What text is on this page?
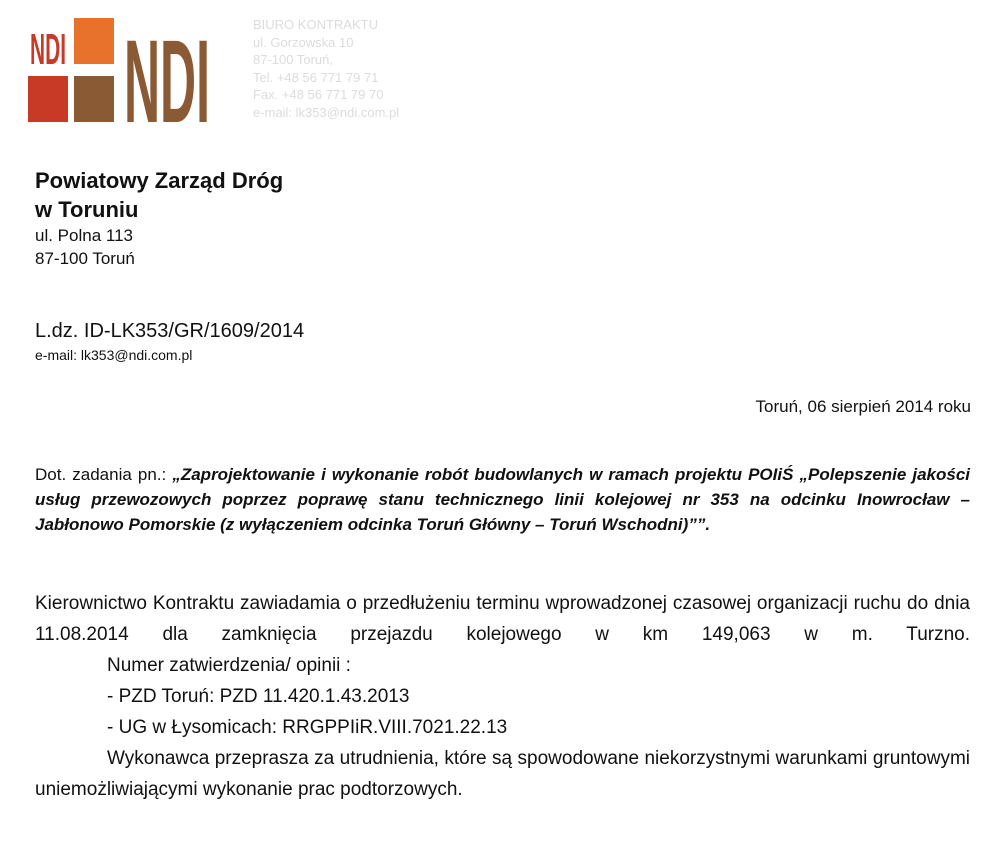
NDI NDI	BIURO KONTRAKTU
ul. Gorzowska 10
87-100 Toruń,
Tel. +48 56 771 79 71
Fax. +48 56 771 79 70
e-mail: lk353@ndi.com.pl
Powiatowy Zarząd Dróg
w Toruniu
ul. Polna 113
87-100 Toruń
L.dz. ID-LK353/GR/1609/2014
e-mail: lk353@ndi.com.pl
Toruń, 06 sierpień 2014 roku
Dot. zadania pn.: „Zaprojektowanie i wykonanie robót budowlanych w ramach projektu POIiŚ „Polepszenie jakości usług przewozowych poprzez poprawę stanu technicznego linii kolejowej nr 353 na odcinku Inowrocław – Jabłonowo Pomorskie (z wyłączeniem odcinka Toruń Główny – Toruń Wschodni)””.
Kierownictwo Kontraktu zawiadamia o przedłużeniu terminu wprowadzonej czasowej organizacji ruchu do dnia 11.08.2014 dla zamknięcia przejazdu kolejowego w km 149,063 w m. Turzno.
Numer zatwierdzenia/ opinii :
- PZD Toruń: PZD 11.420.1.43.2013
- UG w Łysomicach: RRGPPIiR.VIII.7021.22.13
Wykonawca przeprasza za utrudnienia, które są spowodowane niekorzystnymi warunkami gruntowymi uniemożliwiającymi wykonanie prac podtorzowych.
